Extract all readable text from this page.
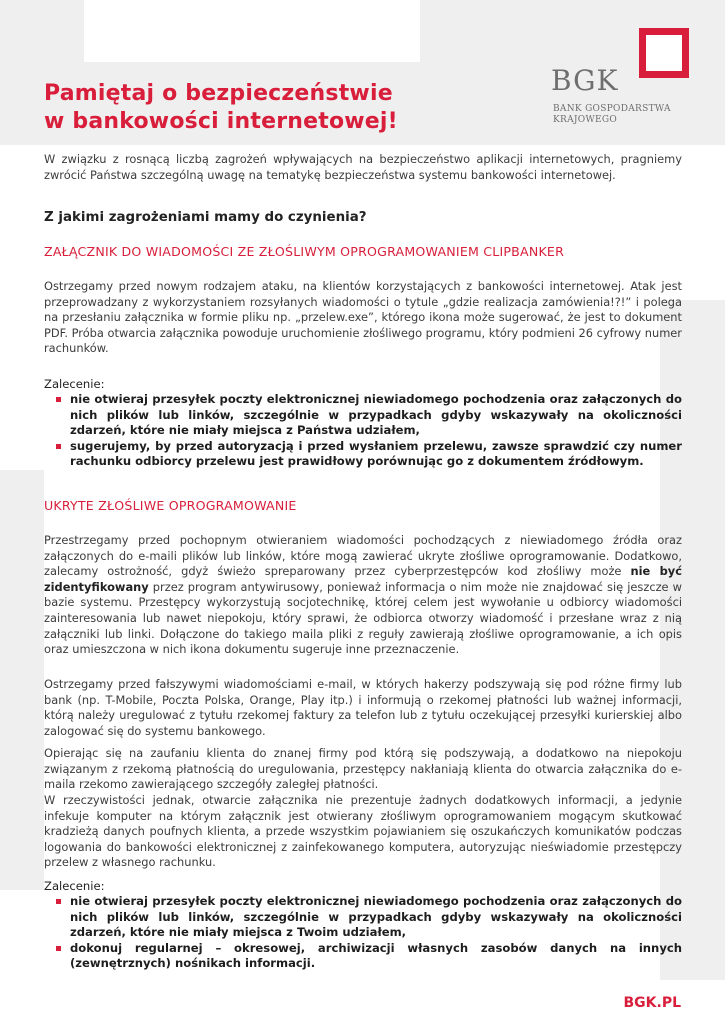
Pamiętaj o bezpieczeństwie
w bankowości internetowej!
BGK
BANK GOSPODARSTWA
KRAJOWEGO

W związku z rosnącą liczbą zagrożeń wpływających na bezpieczeństwo aplikacji internetowych, pragniemy zwrócić Państwa szczególną uwagę na tematykę bezpieczeństwa systemu bankowości internetowej.

Z jakimi zagrożeniami mamy do czynienia?
ZAŁĄCZNIK DO WIADOMOŚCI ZE ZŁOŚLIWYM OPROGRAMOWANIEM CLIPBANKER

Ostrzegamy przed nowym rodzajem ataku, na klientów korzystających z bankowości internetowej. Atak jest przeprowadzany z wykorzystaniem rozsyłanych wiadomości o tytule „gdzie realizacja zamówienia!?!” i polega na przesłaniu załącznika w formie pliku np. „przelew.exe”, którego ikona może sugerować, że jest to dokument PDF. Próba otwarcia załącznika powoduje uruchomienie złośliwego programu, który podmieni 26 cyfrowy numer rachunków.

Zalecenie:
nie otwieraj przesyłek poczty elektronicznej niewiadomego pochodzenia oraz załączonych do nich plików lub linków, szczególnie w przypadkach gdyby wskazywały na okoliczności zdarzeń, które nie miały miejsca z Państwa udziałem,
sugerujemy, by przed autoryzacją i przed wysłaniem przelewu, zawsze sprawdzić czy numer rachunku odbiorcy przelewu jest prawidłowy porównując go z dokumentem źródłowym.
UKRYTE ZŁOŚLIWE OPROGRAMOWANIE

Przestrzegamy przed pochopnym otwieraniem wiadomości pochodzących z niewiadomego źródła oraz załączonych do e-maili plików lub linków, które mogą zawierać ukryte złośliwe oprogramowanie. Dodatkowo, zalecamy ostrożność, gdyż świeżo spreparowany przez cyberprzestępców kod złośliwy może nie być zidentyfikowany przez program antywirusowy, ponieważ informacja o nim może nie znajdować się jeszcze w bazie systemu. Przestępcy wykorzystują socjotechnikę, której celem jest wywołanie u odbiorcy wiadomości zainteresowania lub nawet niepokoju, który sprawi, że odbiorca otworzy wiadomość i przesłane wraz z nią załączniki lub linki. Dołączone do takiego maila pliki z reguły zawierają złośliwe oprogramowanie, a ich opis oraz umieszczona w nich ikona dokumentu sugeruje inne przeznaczenie.

Ostrzegamy przed fałszywymi wiadomościami e-mail, w których hakerzy podszywają się pod różne firmy lub bank (np. T-Mobile, Poczta Polska, Orange, Play itp.) i informują o rzekomej płatności lub ważnej informacji, którą należy uregulować z tytułu rzekomej faktury za telefon lub z tytułu oczekującej przesyłki kurierskiej albo zalogować się do systemu bankowego.

Opierając się na zaufaniu klienta do znanej firmy pod którą się podszywają, a dodatkowo na niepokoju związanym z rzekomą płatnością do uregulowania, przestępcy nakłaniają klienta do otwarcia załącznika do e-maila rzekomo zawierającego szczegóły zaległej płatności.

W rzeczywistości jednak, otwarcie załącznika nie prezentuje żadnych dodatkowych informacji, a jedynie infekuje komputer na którym załącznik jest otwierany złośliwym oprogramowaniem mogącym skutkować kradzieżą danych poufnych klienta, a przede wszystkim pojawianiem się oszukańczych komunikatów podczas logowania do bankowości elektronicznej z zainfekowanego komputera, autoryzując nieświadomie przestępczy przelew z własnego rachunku.

Zalecenie:
nie otwieraj przesyłek poczty elektronicznej niewiadomego pochodzenia oraz załączonych do nich plików lub linków, szczególnie w przypadkach gdyby wskazywały na okoliczności zdarzeń, które nie miały miejsca z Twoim udziałem,
dokonuj regularnej – okresowej, archiwizacji własnych zasobów danych na innych (zewnętrznych) nośnikach informacji.
BGK.PL
